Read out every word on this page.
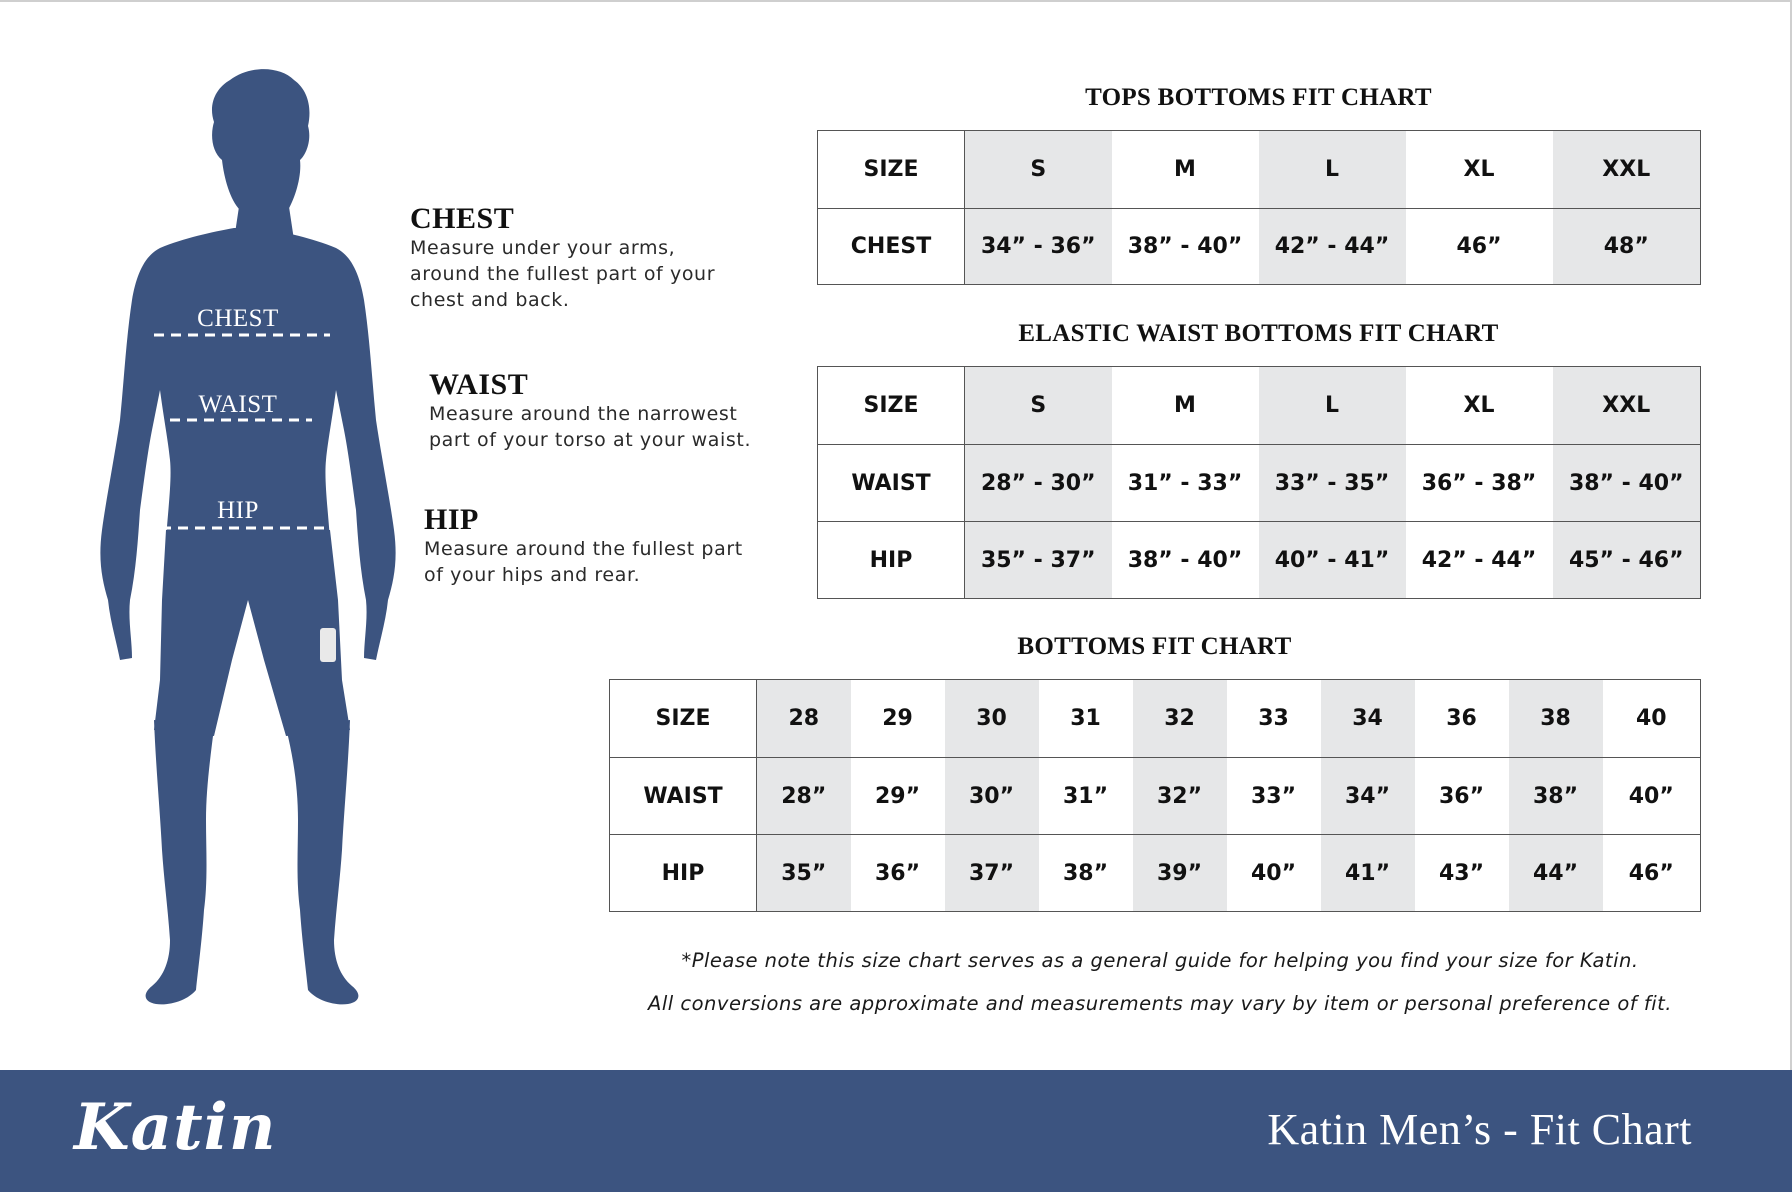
CHEST
WAIST
HIP
CHEST

Measure under your arms,

around the fullest part of your

chest and back.

WAIST

Measure around the narrowest

part of your torso at your waist.

HIP

Measure around the fullest part

of your hips and rear.

TOPS BOTTOMS FIT CHART
SIZE	S	M	L	XL	XXL
CHEST	34” - 36”	38” - 40”	42” - 44”	46”	48”
ELASTIC WAIST BOTTOMS FIT CHART
SIZE	S	M	L	XL	XXL
WAIST	28” - 30”	31” - 33”	33” - 35”	36” - 38”	38” - 40”
HIP	35” - 37”	38” - 40”	40” - 41”	42” - 44”	45” - 46”
BOTTOMS FIT CHART
SIZE	28	29	30	31	32	33	34	36	38	40
WAIST	28”	29”	30”	31”	32”	33”	34”	36”	38”	40”
HIP	35”	36”	37”	38”	39”	40”	41”	43”	44”	46”
*Please note this size chart serves as a general guide for helping you find your size for Katin.
All conversions are approximate and measurements may vary by item or personal preference of fit.
Katin	Katin Men’s - Fit Chart
